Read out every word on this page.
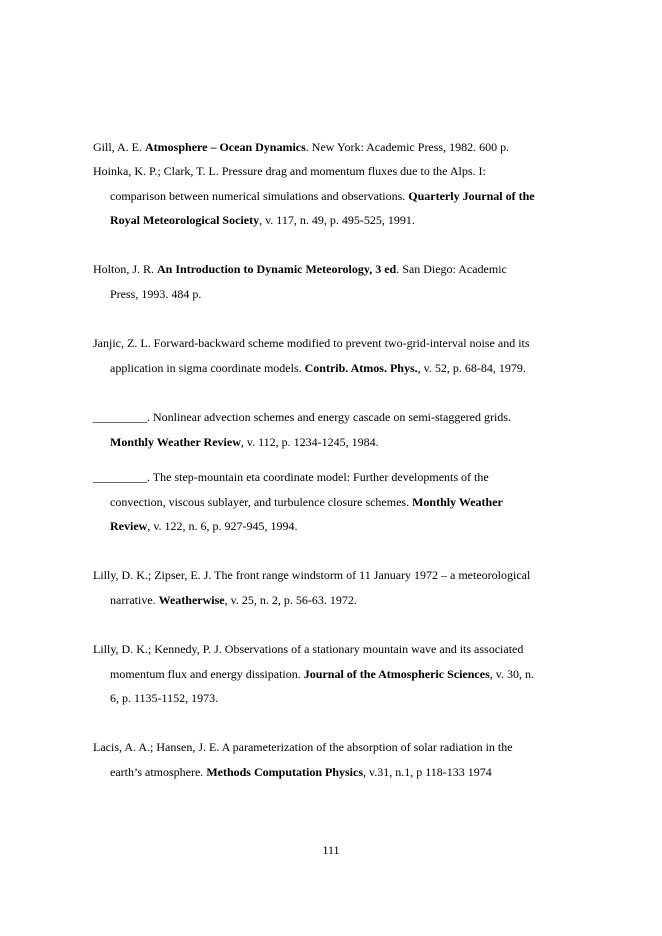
Gill, A. E. Atmosphere – Ocean Dynamics. New York: Academic Press, 1982. 600 p.
Hoinka, K. P.; Clark, T. L. Pressure drag and momentum fluxes due to the Alps. I:
comparison between numerical simulations and observations. Quarterly Journal of the
Royal Meteorological Society, v. 117, n. 49, p. 495-525, 1991.
Holton, J. R. An Introduction to Dynamic Meteorology, 3 ed. San Diego: Academic
Press, 1993. 484 p.
Janjic, Z. L. Forward-backward scheme modified to prevent two-grid-interval noise and its
application in sigma coordinate models. Contrib. Atmos. Phys., v. 52, p. 68-84, 1979.
_________. Nonlinear advection schemes and energy cascade on semi-staggered grids.
Monthly Weather Review, v. 112, p. 1234-1245, 1984.
_________. The step-mountain eta coordinate model: Further developments of the
convection, viscous sublayer, and turbulence closure schemes. Monthly Weather
Review, v. 122, n. 6, p. 927-945, 1994.
Lilly, D. K.; Zipser, E. J. The front range windstorm of 11 January 1972 – a meteorological
narrative. Weatherwise, v. 25, n. 2, p. 56-63. 1972.
Lilly, D. K.; Kennedy, P. J. Observations of a stationary mountain wave and its associated
momentum flux and energy dissipation. Journal of the Atmospheric Sciences, v. 30, n.
6, p. 1135-1152, 1973.
Lacis, A. A.; Hansen, J. E. A parameterization of the absorption of solar radiation in the
earth’s atmosphere. Methods Computation Physics, v.31, n.1, p 118-133 1974
111
